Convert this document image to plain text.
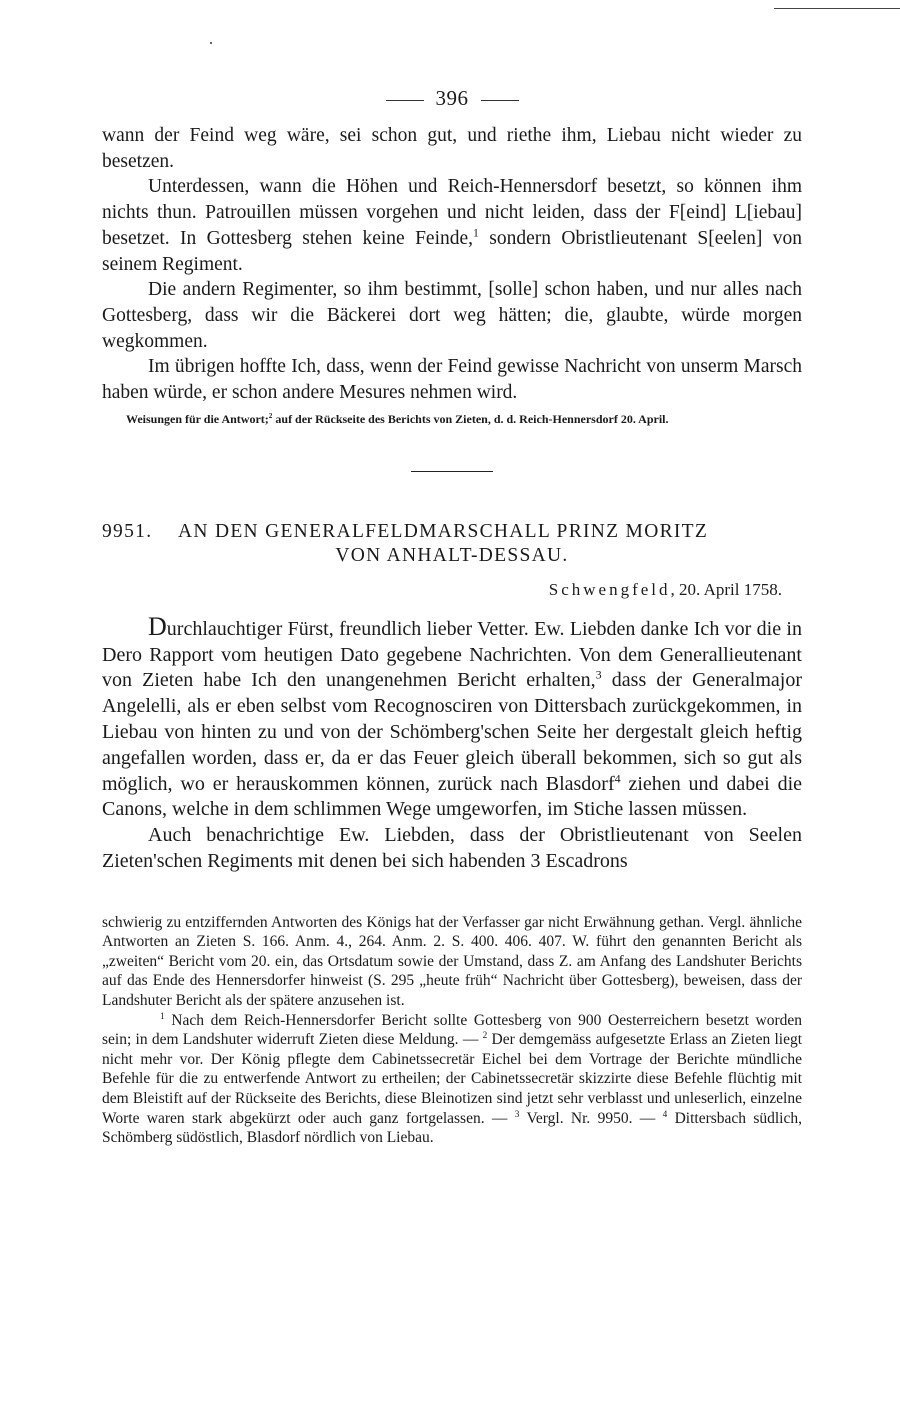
396

wann der Feind weg wäre, sei schon gut, und riethe ihm, Liebau nicht wieder zu besetzen.

Unterdessen, wann die Höhen und Reich-Hennersdorf besetzt, so können ihm nichts thun. Patrouillen müssen vorgehen und nicht leiden, dass der F[eind] L[iebau] besetzet. In Gottesberg stehen keine Feinde,$^1$ sondern Obristlieutenant S[eelen] von seinem Regiment.

Die andern Regimenter, so ihm bestimmt, [solle] schon haben, und nur alles nach Gottesberg, dass wir die Bäckerei dort weg hätten; die, glaubte, würde morgen wegkommen.

Im übrigen hoffte Ich, dass, wenn der Feind gewisse Nachricht von unserm Marsch haben würde, er schon andere Mesures nehmen wird.

Weisungen für die Antwort;$^2$ auf der Rückseite des Berichts von Zieten, d. d. Reich-Hennersdorf 20. April.

9951. AN DEN GENERALFELDMARSCHALL PRINZ MORITZ
VON ANHALT-DESSAU.
Schwengfeld, 20. April 1758.

Durchlauchtiger Fürst, freundlich lieber Vetter. Ew. Liebden danke Ich vor die in Dero Rapport vom heutigen Dato gegebene Nachrichten. Von dem Generallieutenant von Zieten habe Ich den unangenehmen Bericht erhalten,$^3$ dass der Generalmajor Angelelli, als er eben selbst vom Recognosciren von Dittersbach zurückgekommen, in Liebau von hinten zu und von der Schömberg'schen Seite her dergestalt gleich heftig angefallen worden, dass er, da er das Feuer gleich überall bekommen, sich so gut als möglich, wo er herauskommen können, zurück nach Blasdorf$^4$ ziehen und dabei die Canons, welche in dem schlimmen Wege umgeworfen, im Stiche lassen müssen.

Auch benachrichtige Ew. Liebden, dass der Obristlieutenant von Seelen Zieten'schen Regiments mit denen bei sich habenden 3 Escadrons

schwierig zu entziffernden Antworten des Königs hat der Verfasser gar nicht Erwähnung gethan. Vergl. ähnliche Antworten an Zieten S. 166. Anm. 4., 264. Anm. 2. S. 400. 406. 407. W. führt den genannten Bericht als „zweiten“ Bericht vom 20. ein, das Ortsdatum sowie der Umstand, dass Z. am Anfang des Landshuter Berichts auf das Ende des Hennersdorfer hinweist (S. 295 „heute früh“ Nachricht über Gottesberg), beweisen, dass der Landshuter Bericht als der spätere anzusehen ist.

$^1$ Nach dem Reich-Hennersdorfer Bericht sollte Gottesberg von 900 Oesterreichern besetzt worden sein; in dem Landshuter widerruft Zieten diese Meldung. — $^2$ Der demgemäss aufgesetzte Erlass an Zieten liegt nicht mehr vor. Der König pflegte dem Cabinetssecretär Eichel bei dem Vortrage der Berichte mündliche Befehle für die zu entwerfende Antwort zu ertheilen; der Cabinetssecretär skizzirte diese Befehle flüchtig mit dem Bleistift auf der Rückseite des Berichts, diese Bleinotizen sind jetzt sehr verblasst und unleserlich, einzelne Worte waren stark abgekürzt oder auch ganz fortgelassen. — $^3$ Vergl. Nr. 9950. — $^4$ Dittersbach südlich, Schömberg südöstlich, Blasdorf nördlich von Liebau.
